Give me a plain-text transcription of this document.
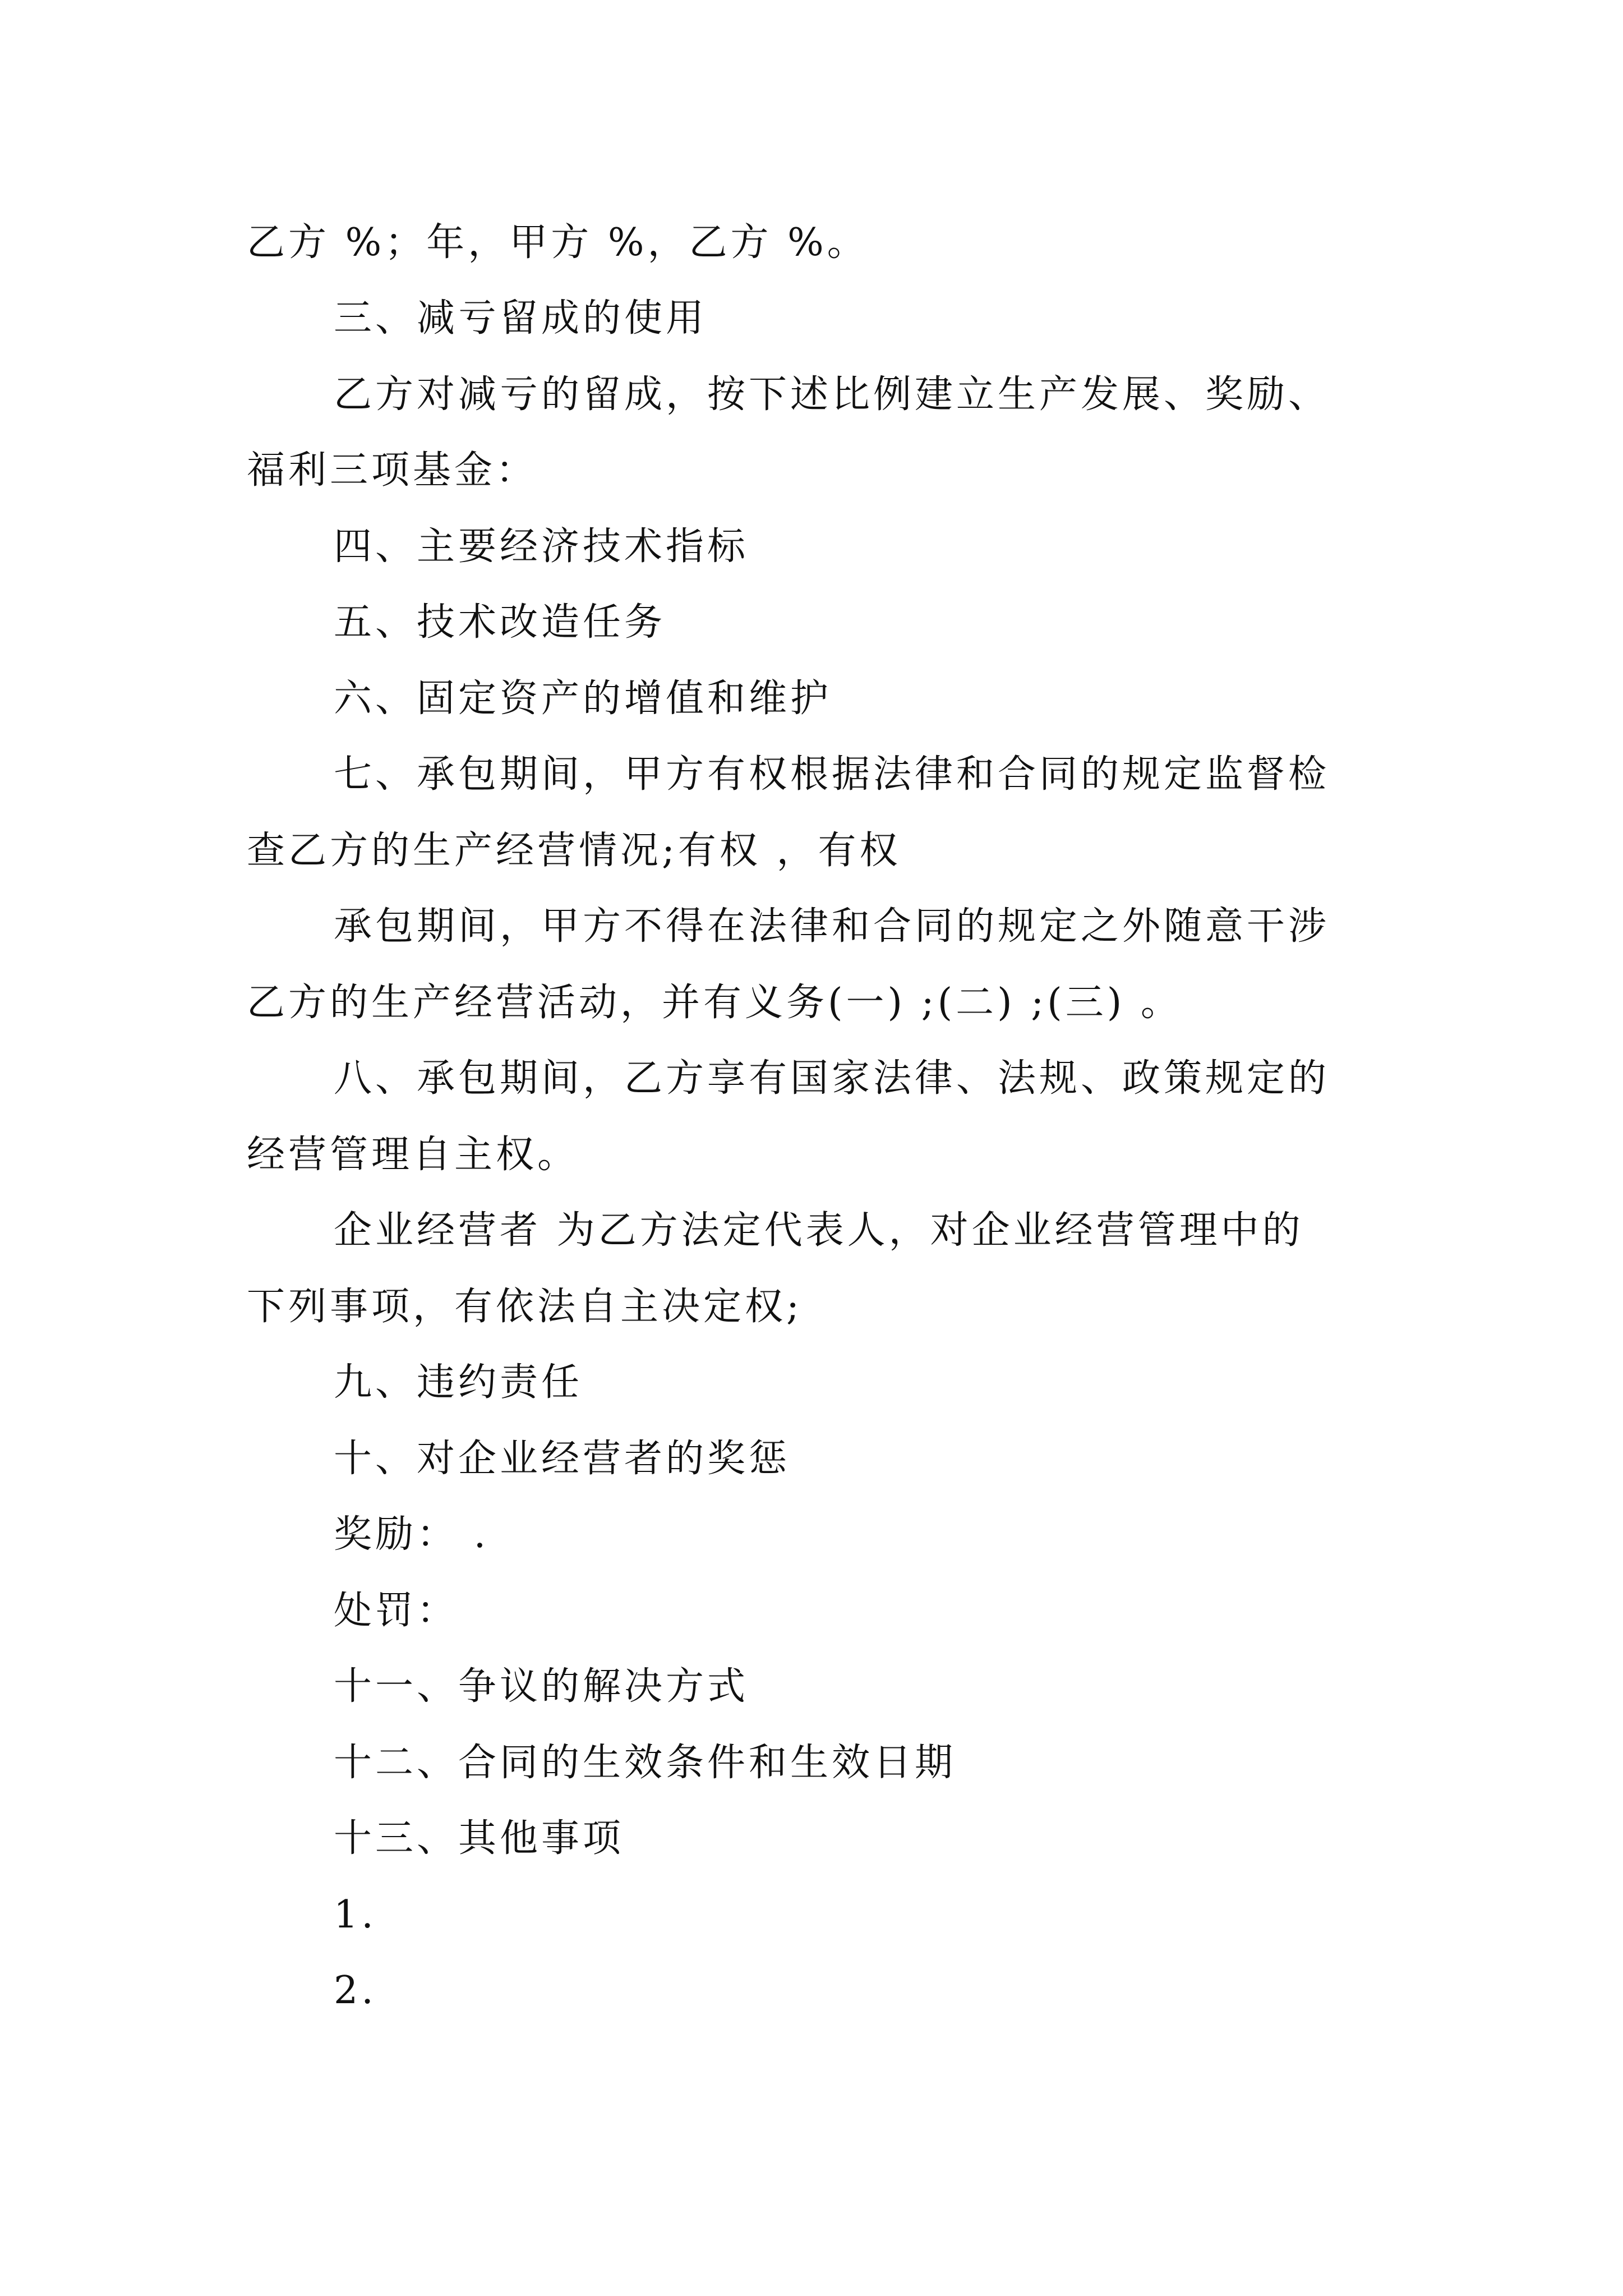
乙方 %；年，甲方 %，乙方 %。
三、减亏留成的使用
乙方对减亏的留成，按下述比例建立生产发展、奖励、
福利三项基金：
四、主要经济技术指标
五、技术改造任务
六、固定资产的增值和维护
七、承包期间，甲方有权根据法律和合同的规定监督检
查乙方的生产经营情况;有权 ，有权
承包期间，甲方不得在法律和合同的规定之外随意干涉
乙方的生产经营活动，并有义务(一) ;(二) ;(三) 。
八、承包期间，乙方享有国家法律、法规、政策规定的
经营管理自主权。
企业经营者 为乙方法定代表人，对企业经营管理中的
下列事项，有依法自主决定权;
九、违约责任
十、对企业经营者的奖惩
奖励： .
处罚：
十一、争议的解决方式
十二、合同的生效条件和生效日期
十三、其他事项
1.
2.
